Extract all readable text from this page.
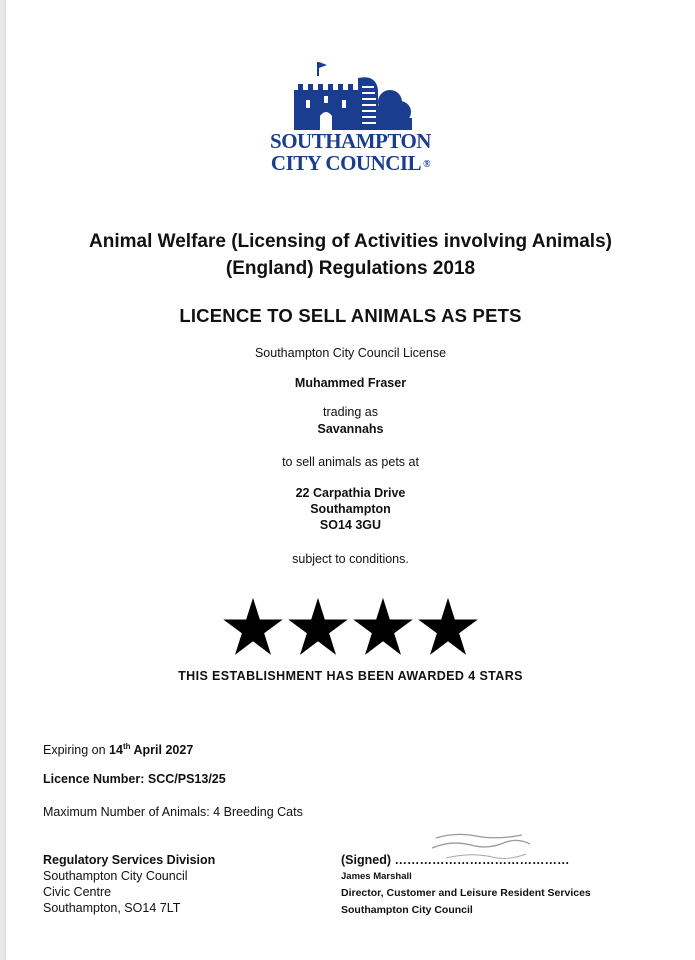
SOUTHAMPTON
CITY COUNCIL ®
Animal Welfare (Licensing of Activities involving Animals)
(England) Regulations 2018
LICENCE TO SELL ANIMALS AS PETS
Southampton City Council License
Muhammed Fraser
trading as
Savannahs
to sell animals as pets at
22 Carpathia Drive
Southampton
SO14 3GU
subject to conditions.
THIS ESTABLISHMENT HAS BEEN AWARDED 4 STARS
Expiring on 14th April 2027
Licence Number: SCC/PS13/25
Maximum Number of Animals: 4 Breeding Cats
Regulatory Services Division
Southampton City Council
Civic Centre
Southampton, SO14 7LT
(Signed) ……………………………………
James Marshall
Director, Customer and Leisure Resident Services
Southampton City Council
